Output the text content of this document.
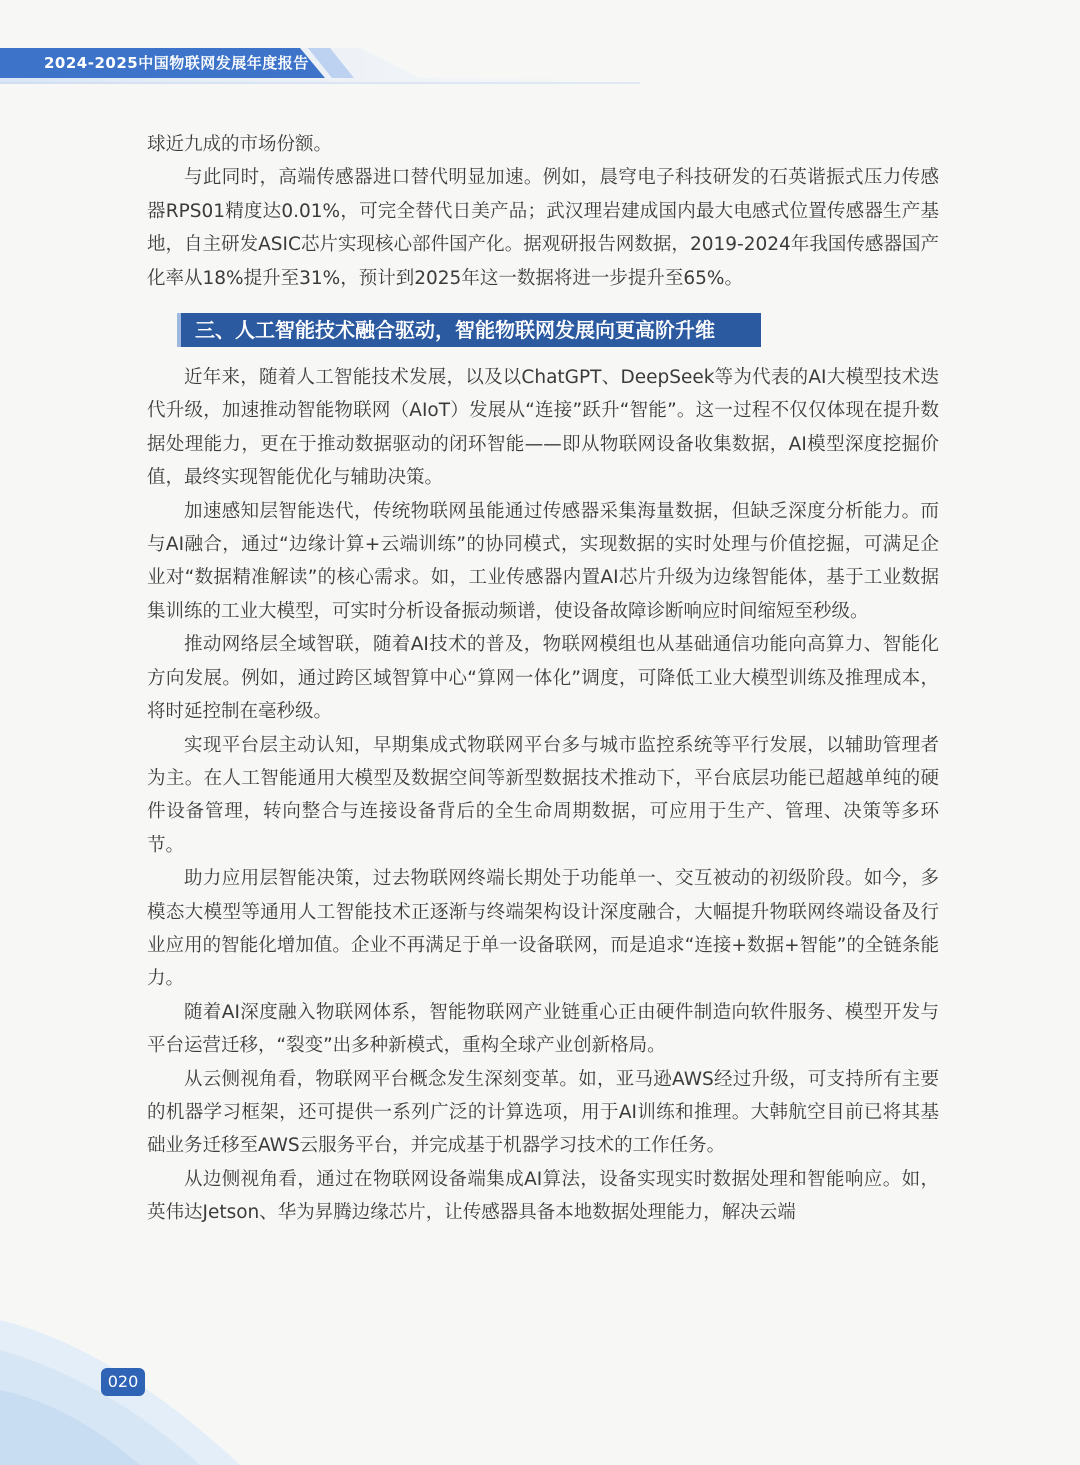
2024-2025中国物联网发展年度报告

球近九成的市场份额。

与此同时，高端传感器进口替代明显加速。例如，晨穹电子科技研发的石英谐振式压力传感器RPS01精度达0.01%，可完全替代日美产品；武汉理岩建成国内最大电感式位置传感器生产基地，自主研发ASIC芯片实现核心部件国产化。据观研报告网数据，2019-2024年我国传感器国产化率从18%提升至31%，预计到2025年这一数据将进一步提升至65%。

三、人工智能技术融合驱动，智能物联网发展向更高阶升维

近年来，随着人工智能技术发展，以及以ChatGPT、DeepSeek等为代表的AI大模型技术迭代升级，加速推动智能物联网（AIoT）发展从“连接”跃升“智能”。这一过程不仅仅体现在提升数据处理能力，更在于推动数据驱动的闭环智能——即从物联网设备收集数据，AI模型深度挖掘价值，最终实现智能优化与辅助决策。

加速感知层智能迭代，传统物联网虽能通过传感器采集海量数据，但缺乏深度分析能力。而与AI融合，通过“边缘计算+云端训练”的协同模式，实现数据的实时处理与价值挖掘，可满足企业对“数据精准解读”的核心需求。如，工业传感器内置AI芯片升级为边缘智能体，基于工业数据集训练的工业大模型，可实时分析设备振动频谱，使设备故障诊断响应时间缩短至秒级。

推动网络层全域智联，随着AI技术的普及，物联网模组也从基础通信功能向高算力、智能化方向发展。例如，通过跨区域智算中心“算网一体化”调度，可降低工业大模型训练及推理成本，将时延控制在毫秒级。

实现平台层主动认知，早期集成式物联网平台多与城市监控系统等平行发展，以辅助管理者为主。在人工智能通用大模型及数据空间等新型数据技术推动下，平台底层功能已超越单纯的硬件设备管理，转向整合与连接设备背后的全生命周期数据，可应用于生产、管理、决策等多环节。

助力应用层智能决策，过去物联网终端长期处于功能单一、交互被动的初级阶段。如今，多模态大模型等通用人工智能技术正逐渐与终端架构设计深度融合，大幅提升物联网终端设备及行业应用的智能化增加值。企业不再满足于单一设备联网，而是追求“连接+数据+智能”的全链条能力。

随着AI深度融入物联网体系，智能物联网产业链重心正由硬件制造向软件服务、模型开发与平台运营迁移，“裂变”出多种新模式，重构全球产业创新格局。

从云侧视角看，物联网平台概念发生深刻变革。如，亚马逊AWS经过升级，可支持所有主要的机器学习框架，还可提供一系列广泛的计算选项，用于AI训练和推理。大韩航空目前已将其基础业务迁移至AWS云服务平台，并完成基于机器学习技术的工作任务。

从边侧视角看，通过在物联网设备端集成AI算法，设备实现实时数据处理和智能响应。如，英伟达Jetson、华为昇腾边缘芯片，让传感器具备本地数据处理能力，解决云端

020
